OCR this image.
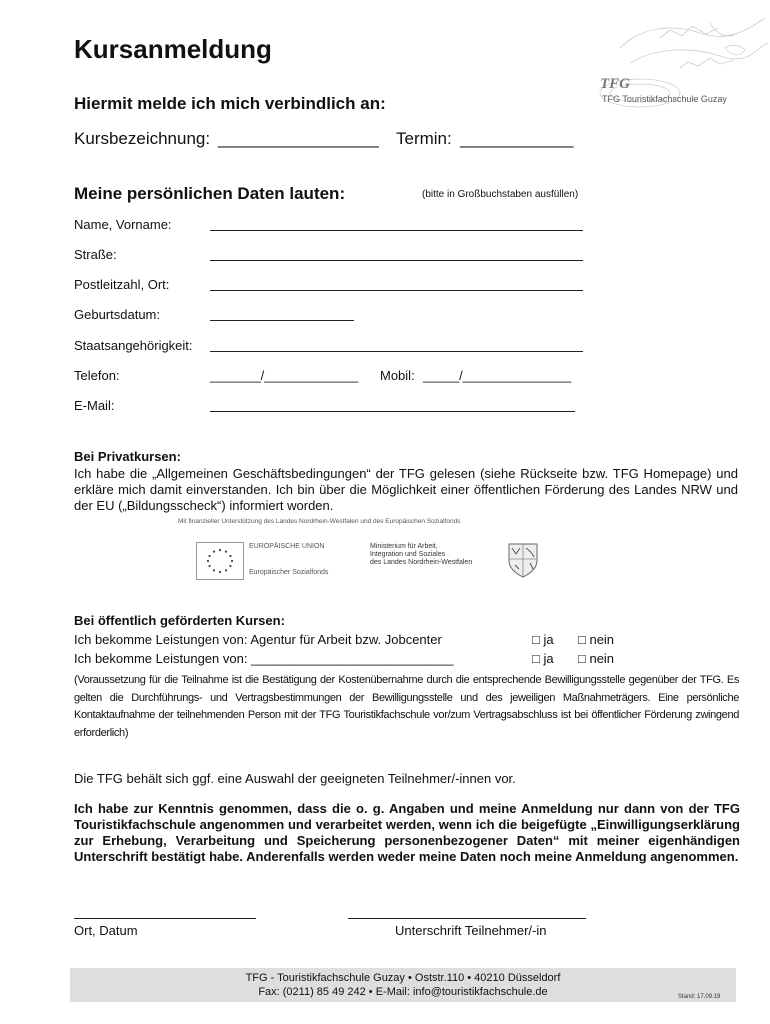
TFG
TFG Touristikfachschule Guzay
Kursanmeldung
Hiermit melde ich mich verbindlich an:
Kursbezeichnung: _________________ Termin: ____________
Meine persönlichen Daten lauten:	(bitte in Großbuchstaben ausfüllen)
Name, Vorname:
Straße:
Postleitzahl, Ort:
Geburtsdatum:
Staatsangehörigkeit:
Telefon:	_______/_____________ Mobil: _____/_______________
E-Mail:
Bei Privatkursen:
Ich habe die „Allgemeinen Geschäftsbedingungen“ der TFG gelesen (siehe Rückseite bzw. TFG Homepage) und erkläre mich damit einverstanden. Ich bin über die Möglichkeit einer öffentlichen Förderung des Landes NRW und der EU („Bildungsscheck“) informiert worden.
Mit finanzieller Unterstützung des Landes Nordrhein-Westfalen und des Europäischen Sozialfonds
EUROPÄISCHE UNION
Europäischer Sozialfonds
Ministerium für Arbeit,
Integration und Soziales
des Landes Nordrhein-Westfalen
Bei öffentlich geförderten Kursen:
Ich bekomme Leistungen von: Agentur für Arbeit bzw. Jobcenter	□ ja □ nein
Ich bekomme Leistungen von: ____________________________	□ ja □ nein
(Voraussetzung für die Teilnahme ist die Bestätigung der Kostenübernahme durch die entsprechende Bewilligungsstelle gegenüber der TFG. Es gelten die Durchführungs- und Vertragsbestimmungen der Bewilligungsstelle und des jeweiligen Maßnahmeträgers. Eine persönliche Kontaktaufnahme der teilnehmenden Person mit der TFG Touristikfachschule vor/zum Vertragsabschluss ist bei öffentlicher Förderung zwingend erforderlich)
Die TFG behält sich ggf. eine Auswahl der geeigneten Teilnehmer/-innen vor.
Ich habe zur Kenntnis genommen, dass die o. g. Angaben und meine Anmeldung nur dann von der TFG Touristikfachschule angenommen und verarbeitet werden, wenn ich die beigefügte „Einwilligungserklärung zur Erhebung, Verarbeitung und Speicherung personenbezogener Daten“ mit meiner eigenhändigen Unterschrift bestätigt habe. Anderenfalls werden weder meine Daten noch meine Anmeldung angenommen.
Ort, Datum	Unterschrift Teilnehmer/-in
TFG - Touristikfachschule Guzay • Oststr.110 • 40210 Düsseldorf
Fax: (0211) 85 49 242 • E-Mail: info@touristikfachschule.de	Stand: 17.09.19
